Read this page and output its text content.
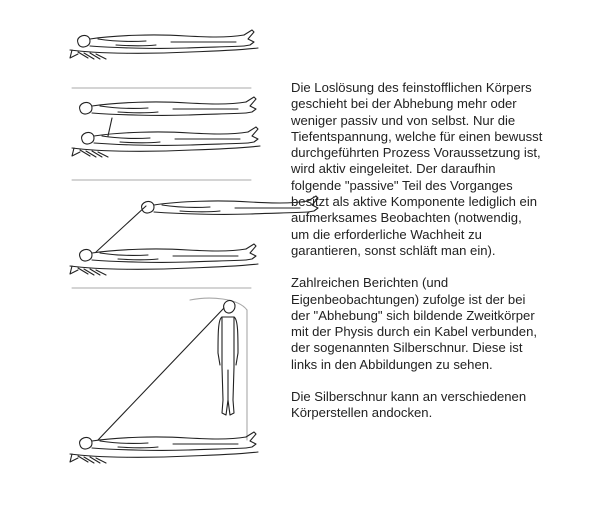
Die Loslösung des feinstofflichen Körpers
geschieht bei der Abhebung mehr oder
weniger passiv und von selbst. Nur die
Tiefentspannung, welche für einen bewusst
durchgeführten Prozess Voraussetzung ist,
wird aktiv eingeleitet. Der daraufhin
folgende "passive" Teil des Vorganges
besitzt als aktive Komponente lediglich ein
aufmerksames Beobachten (notwendig,
um die erforderliche Wachheit zu
garantieren, sonst schläft man ein).

Zahlreichen Berichten (und
Eigenbeobachtungen) zufolge ist der bei
der "Abhebung" sich bildende Zweitkörper
mit der Physis durch ein Kabel verbunden,
der sogenannten Silberschnur. Diese ist
links in den Abbildungen zu sehen.

Die Silberschnur kann an verschiedenen
Körperstellen andocken.
